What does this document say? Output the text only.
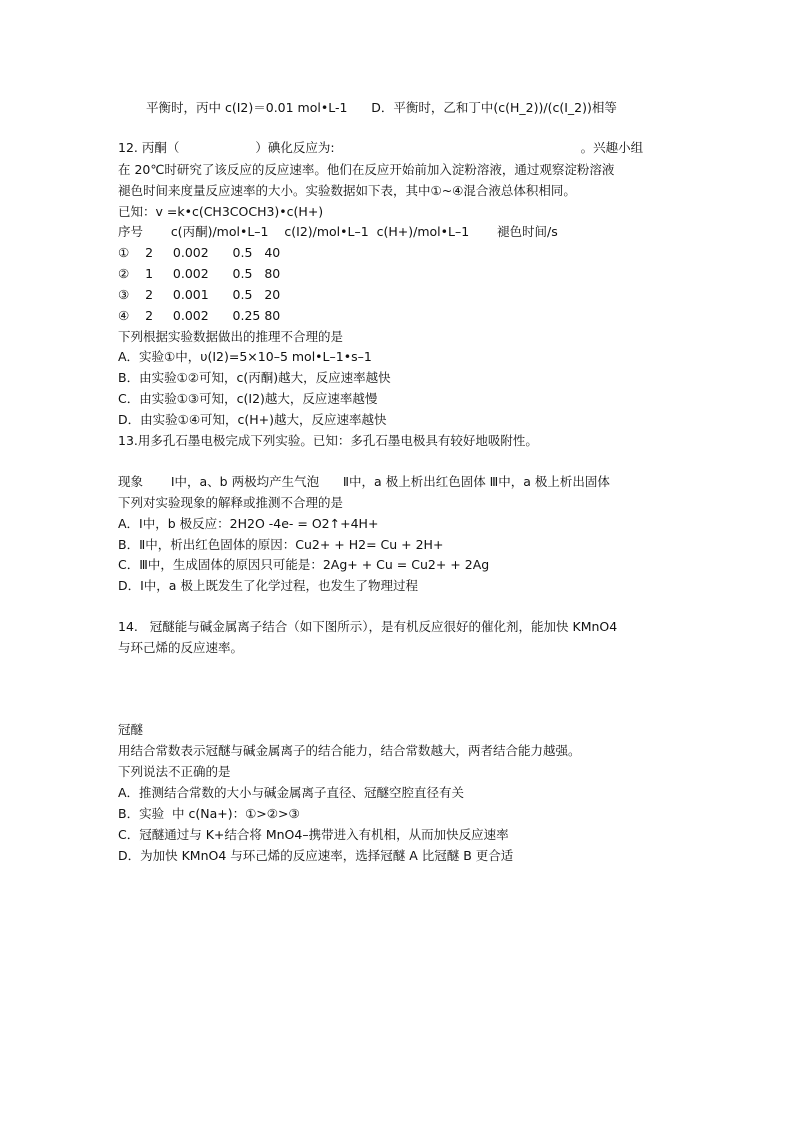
平衡时，丙中 c(I2)＝0.01 mol•L-1      D．平衡时，乙和丁中(c(H_2))/(c(I_2))相等
12. 丙酮（	）碘化反应为:	。兴趣小组
在 20℃时研究了该反应的反应速率。他们在反应开始前加入淀粉溶液，通过观察淀粉溶液
褪色时间来度量反应速率的大小。实验数据如下表，其中①~④混合液总体积相同。
已知：v =k•c(CH3COCH3)•c(H+)
序号       c(丙酮)/mol•L–1    c(I2)/mol•L–1  c(H+)/mol•L–1       褪色时间/s
①    2     0.002      0.5   40
②    1     0.002      0.5   80
③    2     0.001      0.5   20
④    2     0.002      0.25 80
下列根据实验数据做出的推理不合理的是
A．实验①中，υ(I2)=5×10–5 mol•L–1•s–1
B．由实验①②可知，c(丙酮)越大，反应速率越快
C．由实验①③可知，c(I2)越大，反应速率越慢
D．由实验①④可知，c(H+)越大，反应速率越快
13.用多孔石墨电极完成下列实验。已知：多孔石墨电极具有较好地吸附性。
现象       Ⅰ中，a、b 两极均产生气泡      Ⅱ中，a 极上析出红色固体 Ⅲ中，a 极上析出固体
下列对实验现象的解释或推测不合理的是
A．Ⅰ中，b 极反应：2H2O -4e- = O2↑+4H+
B．Ⅱ中，析出红色固体的原因：Cu2+ + H2= Cu + 2H+
C．Ⅲ中，生成固体的原因只可能是：2Ag+ + Cu = Cu2+ + 2Ag
D．Ⅰ中，a 极上既发生了化学过程，也发生了物理过程
14.   冠醚能与碱金属离子结合（如下图所示），是有机反应很好的催化剂，能加快 KMnO4
与环己烯的反应速率。
冠醚
用结合常数表示冠醚与碱金属离子的结合能力，结合常数越大，两者结合能力越强。
下列说法不正确的是
A．推测结合常数的大小与碱金属离子直径、冠醚空腔直径有关
B．实验  中 c(Na+)：①>②>③
C．冠醚通过与 K+结合将 MnO4–携带进入有机相，从而加快反应速率
D．为加快 KMnO4 与环己烯的反应速率，选择冠醚 A 比冠醚 B 更合适
